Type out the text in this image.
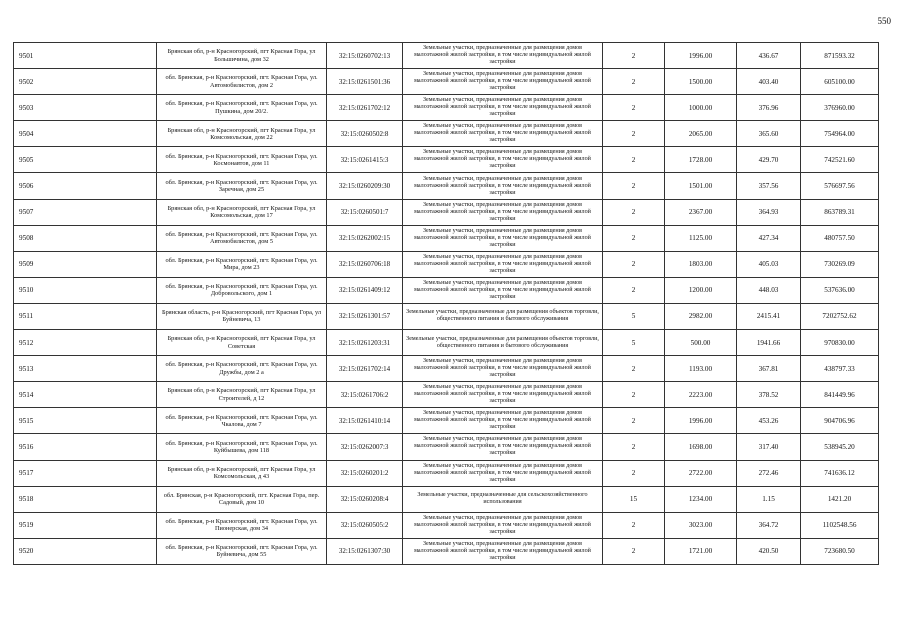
550
9501	Брянская обл, р-н Красногорский, пгт Красная Гора, ул Большичина, дом 32	32:15:0260702:13	Земельные участки, предназначенные для размещения домов малоэтажной жилой застройки, в том числе индивидуальной жилой застройки	2	1996.00	436.67	871593.32
9502	обл. Брянская, р-н Красногорский, пгт. Красная Гора, ул. Автомобилистов, дом 2	32:15:0261501:36	Земельные участки, предназначенные для размещения домов малоэтажной жилой застройки, в том числе индивидуальной жилой застройки	2	1500.00	403.40	605100.00
9503	обл. Брянская, р-н Красногорский, пгт. Красная Гора, ул. Пушкина, дом 20/2.	32:15:0261702:12	Земельные участки, предназначенные для размещения домов малоэтажной жилой застройки, в том числе индивидуальной жилой застройки	2	1000.00	376.96	376960.00
9504	Брянская обл, р-н Красногорский, пгт Красная Гора, ул Комсомольская, дом 22	32:15:0260502:8	Земельные участки, предназначенные для размещения домов малоэтажной жилой застройки, в том числе индивидуальной жилой застройки	2	2065.00	365.60	754964.00
9505	обл. Брянская, р-н Красногорский, пгт. Красная Гора, ул. Космонавтов, дом 11	32:15:0261415:3	Земельные участки, предназначенные для размещения домов малоэтажной жилой застройки, в том числе индивидуальной жилой застройки	2	1728.00	429.70	742521.60
9506	обл. Брянская, р-н Красногорский, пгт. Красная Гора, ул. Заречная, дом 25	32:15:0260209:30	Земельные участки, предназначенные для размещения домов малоэтажной жилой застройки, в том числе индивидуальной жилой застройки	2	1501.00	357.56	576697.56
9507	Брянская обл, р-н Красногорский, пгт Красная Гора, ул Комсомольская, дом 17	32:15:0260501:7	Земельные участки, предназначенные для размещения домов малоэтажной жилой застройки, в том числе индивидуальной жилой застройки	2	2367.00	364.93	863789.31
9508	обл. Брянская, р-н Красногорский, пгт. Красная Гора, ул. Автомобилистов, дом 5	32:15:0262002:15	Земельные участки, предназначенные для размещения домов малоэтажной жилой застройки, в том числе индивидуальной жилой застройки	2	1125.00	427.34	480757.50
9509	обл. Брянская, р-н Красногорский, пгт. Красная Гора, ул. Мира, дом 23	32:15:0260706:18	Земельные участки, предназначенные для размещения домов малоэтажной жилой застройки, в том числе индивидуальной жилой застройки	2	1803.00	405.03	730269.09
9510	обл. Брянская, р-н Красногорский, пгт. Красная Гора, ул. Добровольского, дом 1	32:15:0261409:12	Земельные участки, предназначенные для размещения домов малоэтажной жилой застройки, в том числе индивидуальной жилой застройки	2	1200.00	448.03	537636.00
9511	Брянская область, р-н Красногорский, пгт Красная Гора, ул Буйневича, 13	32:15:0261301:57	Земельные участки, предназначенные для размещения объектов торговли, общественного питания и бытового обслуживания	5	2982.00	2415.41	7202752.62
9512	Брянская обл, р-н Красногорский, пгт Красная Гора, ул Советская	32:15:0261203:31	Земельные участки, предназначенные для размещения объектов торговли, общественного питания и бытового обслуживания	5	500.00	1941.66	970830.00
9513	обл. Брянская, р-н Красногорский, пгт. Красная Гора, ул. Дружбы, дом 2 а	32:15:0261702:14	Земельные участки, предназначенные для размещения домов малоэтажной жилой застройки, в том числе индивидуальной жилой застройки	2	1193.00	367.81	438797.33
9514	Брянская обл, р-н Красногорский, пгт Красная Гора, ул Строителей, д 12	32:15:0261706:2	Земельные участки, предназначенные для размещения домов малоэтажной жилой застройки, в том числе индивидуальной жилой застройки	2	2223.00	378.52	841449.96
9515	обл. Брянская, р-н Красногорский, пгт. Красная Гора, ул. Чкалова, дом 7	32:15:0261410:14	Земельные участки, предназначенные для размещения домов малоэтажной жилой застройки, в том числе индивидуальной жилой застройки	2	1996.00	453.26	904706.96
9516	обл. Брянская, р-н Красногорский, пгт. Красная Гора, ул. Куйбышева, дом 118	32:15:0262007:3	Земельные участки, предназначенные для размещения домов малоэтажной жилой застройки, в том числе индивидуальной жилой застройки	2	1698.00	317.40	538945.20
9517	Брянская обл, р-н Красногорский, пгт Красная Гора, ул Комсомольская, д 43	32:15:0260201:2	Земельные участки, предназначенные для размещения домов малоэтажной жилой застройки, в том числе индивидуальной жилой застройки	2	2722.00	272.46	741636.12
9518	обл. Брянская, р-н Красногорский, пгт. Красная Гора, пер. Садовый, дом 10	32:15:0260208:4	Земельные участки, предназначенные для сельскохозяйственного использования	15	1234.00	1.15	1421.20
9519	обл. Брянская, р-н Красногорский, пгт. Красная Гора, ул. Пионерская, дом 34	32:15:0260505:2	Земельные участки, предназначенные для размещения домов малоэтажной жилой застройки, в том числе индивидуальной жилой застройки	2	3023.00	364.72	1102548.56
9520	обл. Брянская, р-н Красногорский, пгт. Красная Гора, ул. Буйневича, дом 55	32:15:0261307:30	Земельные участки, предназначенные для размещения домов малоэтажной жилой застройки, в том числе индивидуальной жилой застройки	2	1721.00	420.50	723680.50
